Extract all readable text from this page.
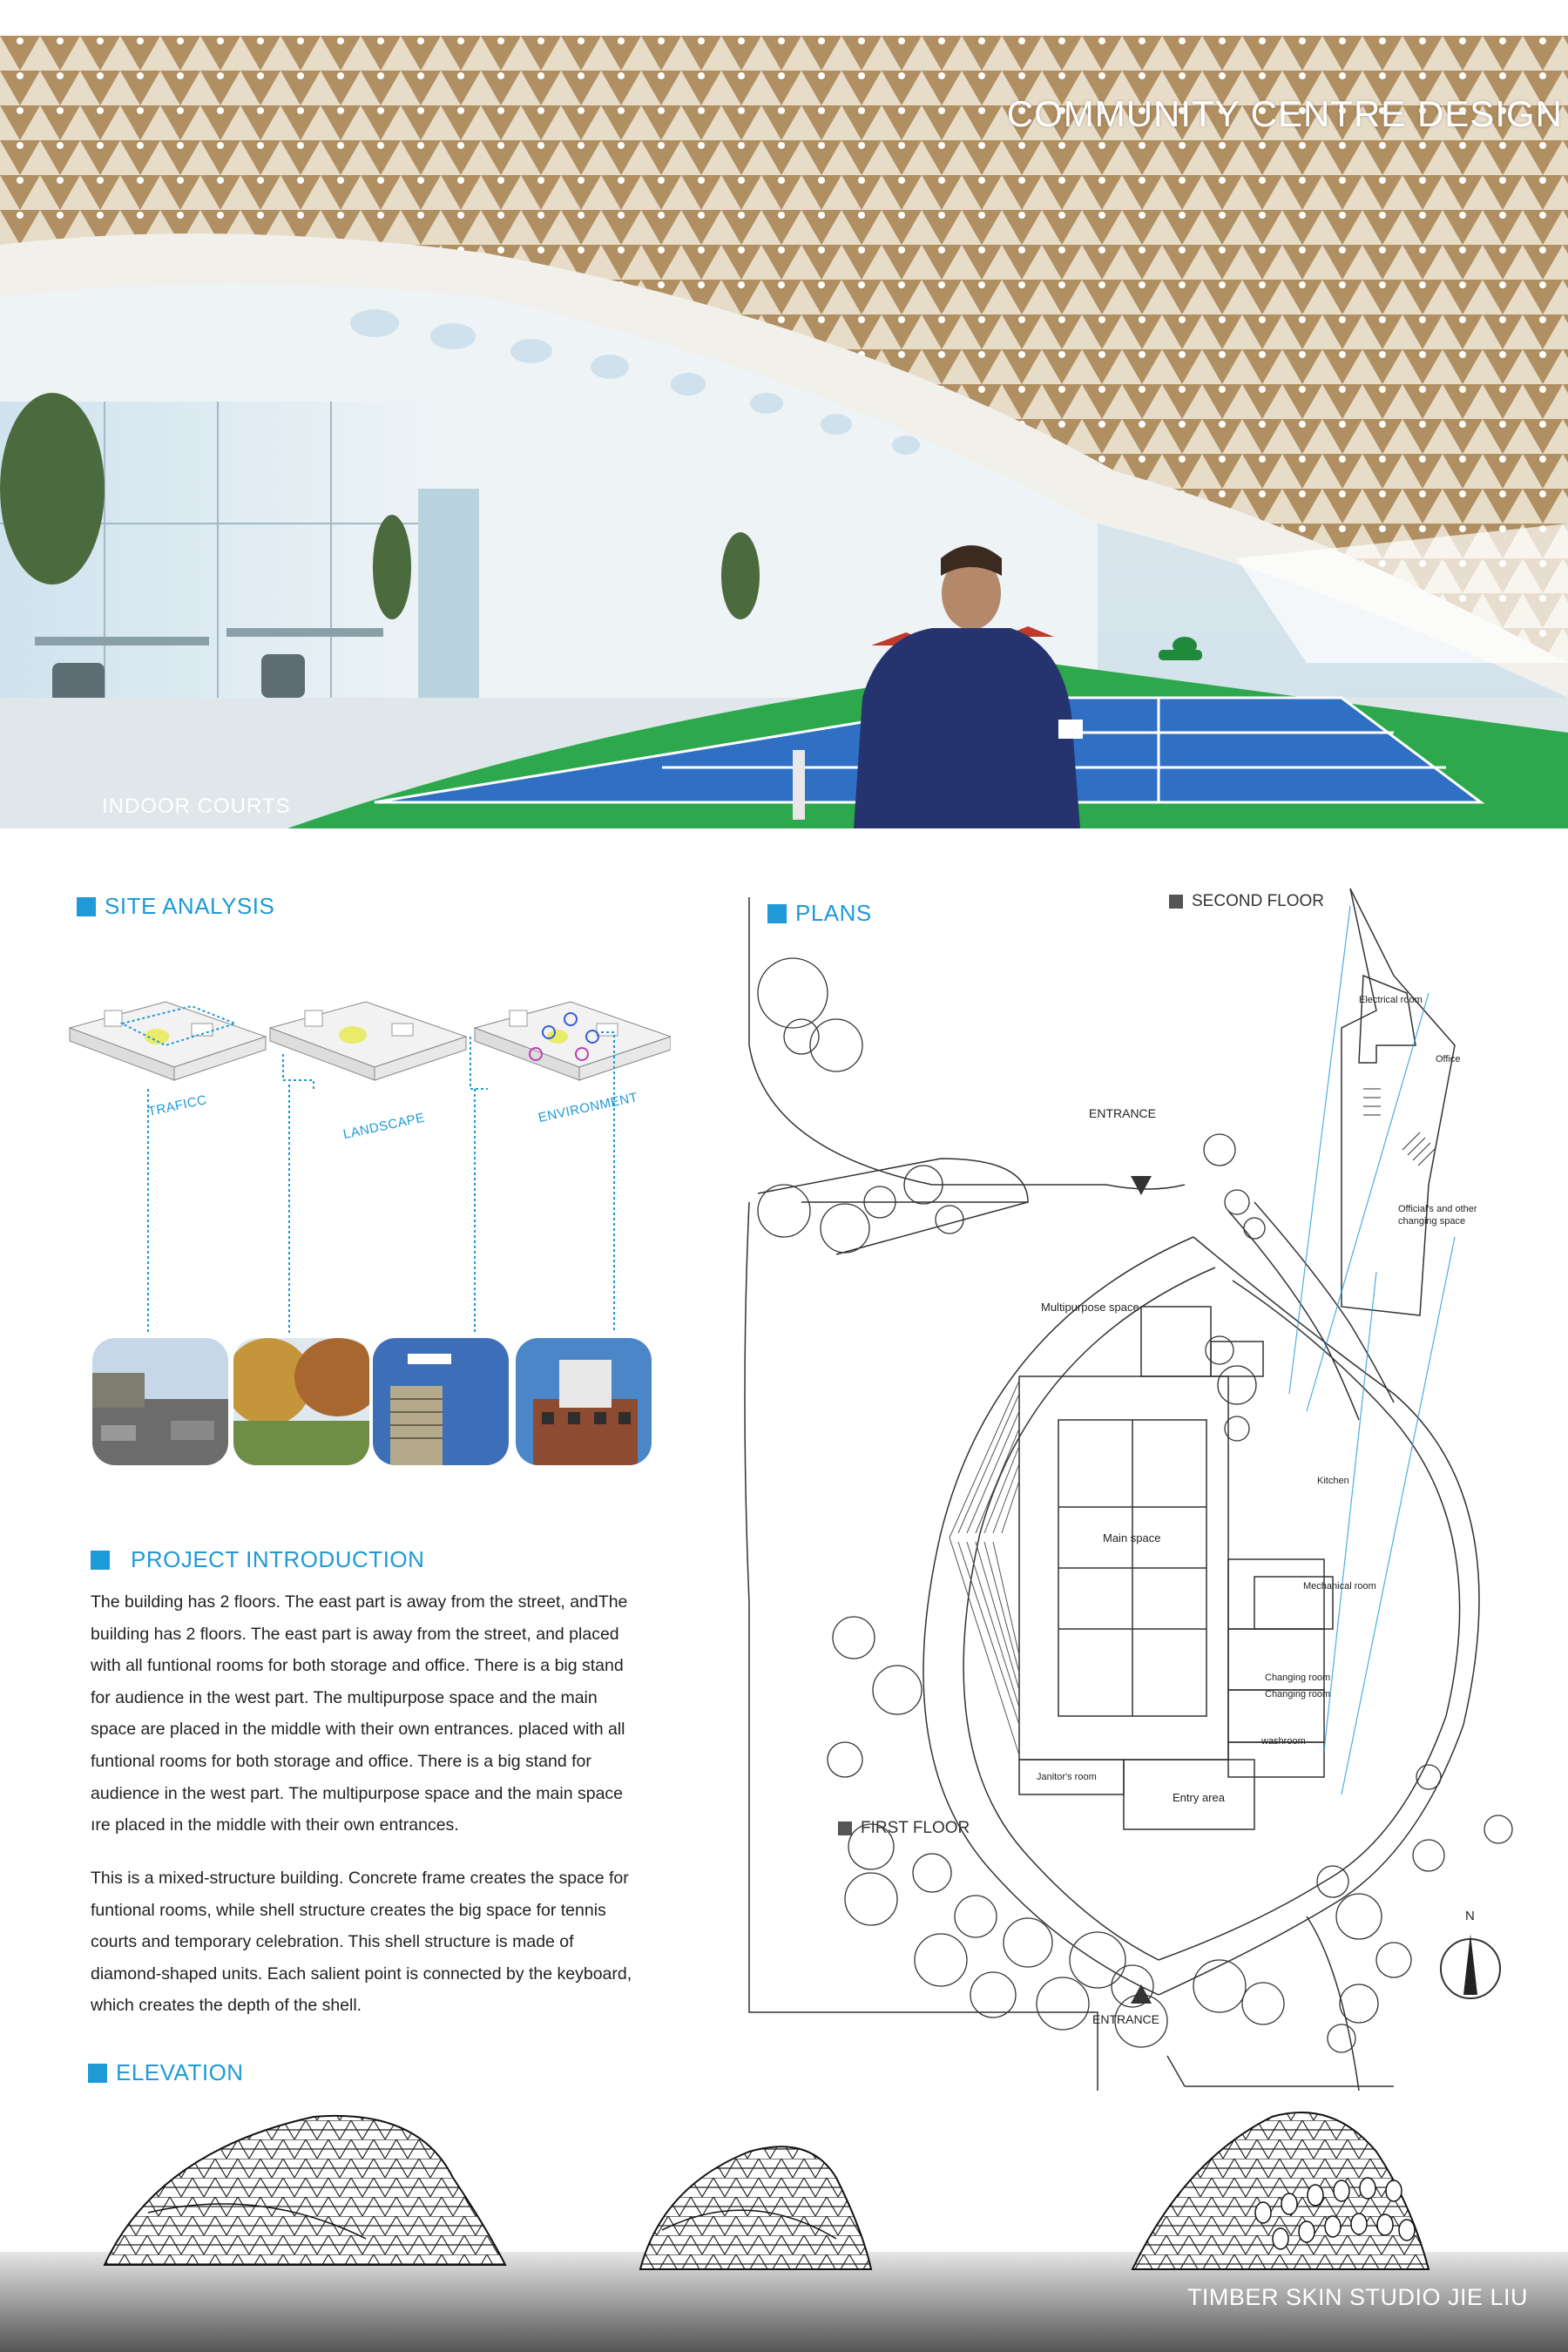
COMMUNITY CENTRE DESIGN
INDOOR COURTS
SITE ANALYSIS
TRAFICC
LANDSCAPE
ENVIRONMENT
PROJECT INTRODUCTION
The building has 2 floors. The east part is away from the street, andThe
building has 2 floors. The east part is away from the street, and placed
with all funtional rooms for both storage and office. There is a big stand
for audience in the west part. The multipurpose space and the main
space are placed in the middle with their own entrances. placed with all
funtional rooms for both storage and office. There is a big stand for
audience in the west part. The multipurpose space and the main space
ıre placed in the middle with their own entrances.
This is a mixed-structure building. Concrete frame creates the space for
funtional rooms, while shell structure creates the big space for tennis
courts and temporary celebration. This shell structure is made of
diamond-shaped units. Each salient point is connected by the keyboard,
which creates the depth of the shell.
ELEVATION
TIMBER SKIN STUDIO JIE LIU
PLANS	SECOND FLOOR
FIRST FLOOR
ENTRANCE
ENTRANCE
N
Electrical room
Office
Official's and other
changing space
Multipurpose space
Main space
Kitchen
Mechanical room
Changing room
Changing room
washroom
Janitor's room
Entry area
